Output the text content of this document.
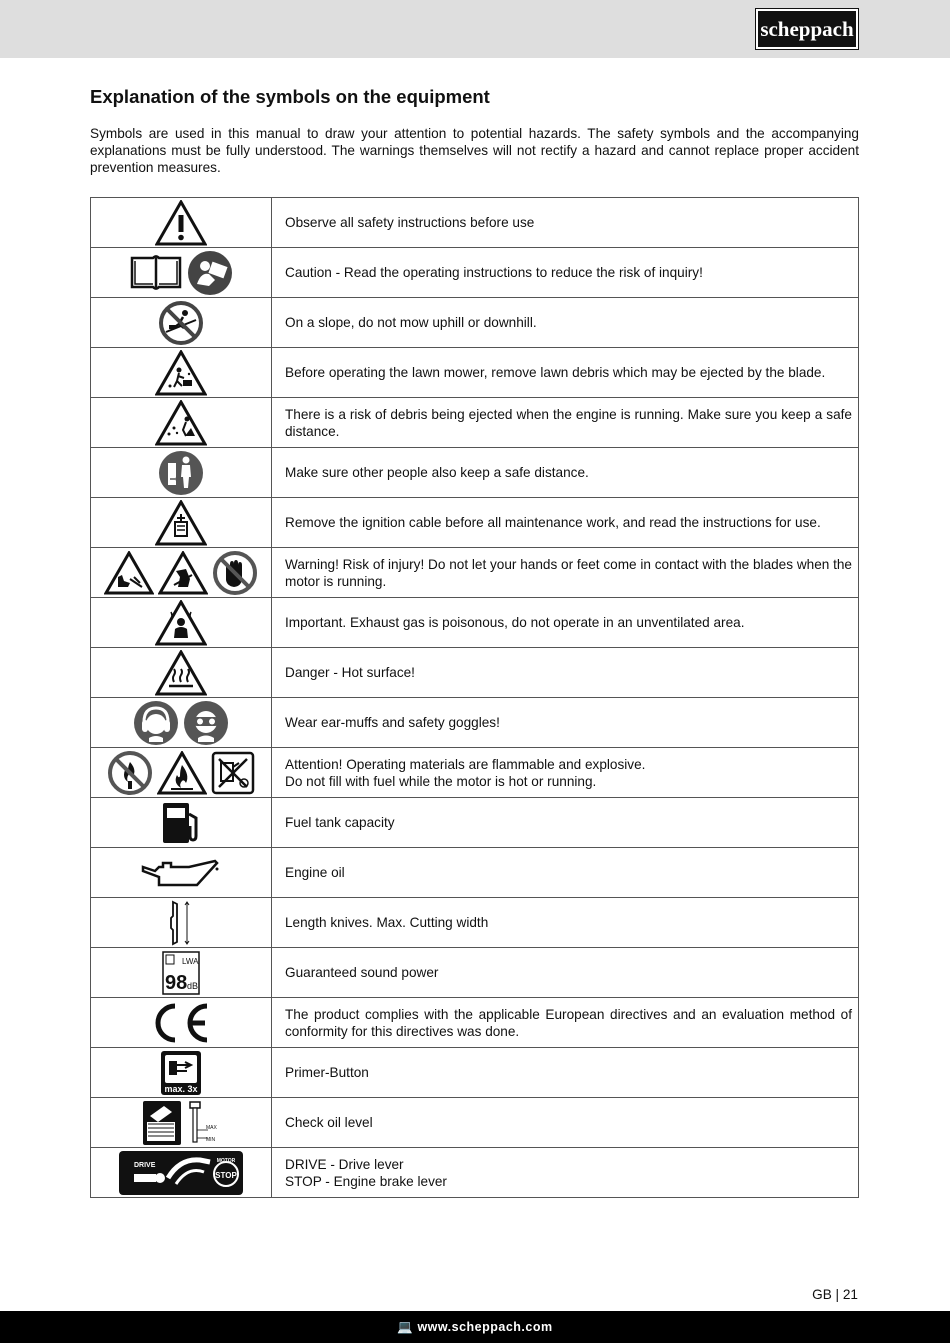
scheppach
Explanation of the symbols on the equipment

Symbols are used in this manual to draw your attention to potential hazards. The safety symbols and the accompanying explanations must be fully understood. The warnings themselves will not rectify a hazard and cannot replace proper accident prevention measures.

	Observe all safety instructions before use

	Caution - Read the operating instructions to reduce the risk of inquiry!

	On a slope, do not mow uphill or downhill.

	Before operating the lawn mower, remove lawn debris which may be ejected by the blade.

	There is a risk of debris being ejected when the engine is running. Make sure you keep a safe distance.

	Make sure other people also keep a safe distance.

	Remove the ignition cable before all maintenance work, and read the instructions for use.

	Warning! Risk of injury! Do not let your hands or feet come in contact with the blades when the motor is running.

	Important. Exhaust gas is poisonous, do not operate in an unventilated area.

	Danger - Hot surface!

	Wear ear-muffs and safety goggles!

Attention! Operating materials are flammable and explosive.
Do not fill with fuel while the motor is hot or running.

	Fuel tank capacity

	Engine oil

	Length knives. Max. Cutting width

LWA
98 dB	Guaranteed sound power

	The product complies with the applicable European directives and an evaluation method of conformity for this directives was done.

max. 3x	Primer-Button

MAX
MIN	Check oil level

DRIVE
MOTOR
STOP	DRIVE - Drive lever
STOP - Engine brake lever
GB | 21
💻 www.scheppach.com
